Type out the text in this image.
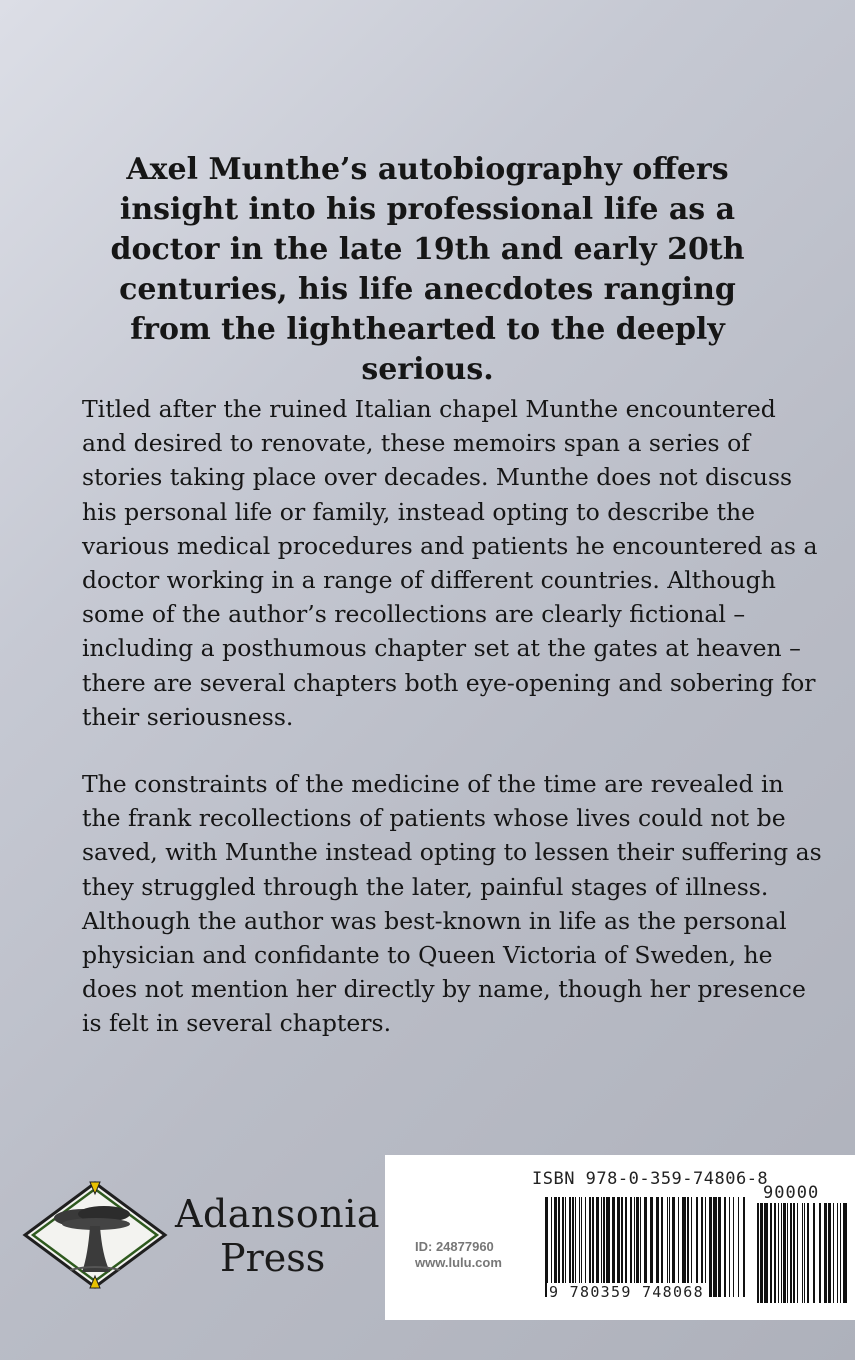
Axel Munthe’s autobiography offers insight into his professional life as a doctor in the late 19th and early 20th centuries, his life anecdotes ranging from the lighthearted to the deeply serious.

Titled after the ruined Italian chapel Munthe encountered and desired to renovate, these memoirs span a series of stories taking place over decades. Munthe does not discuss his personal life or family, instead opting to describe the various medical procedures and patients he encountered as a doctor working in a range of different countries. Although some of the author’s recollections are clearly fictional – including a posthumous chapter set at the gates at heaven – there are several chapters both eye-opening and sobering for their seriousness.

The constraints of the medicine of the time are revealed in the frank recollections of patients whose lives could not be saved, with Munthe instead opting to lessen their suffering as they struggled through the later, painful stages of illness. Although the author was best-known in life as the personal physician and confidante to Queen Victoria of Sweden, he does not mention her directly by name, though her presence is felt in several chapters.

Adansonia
Press
ISBN 978-0-359-74806-8
ID: 24877960
www.lulu.com
9 780359 748068
90000
